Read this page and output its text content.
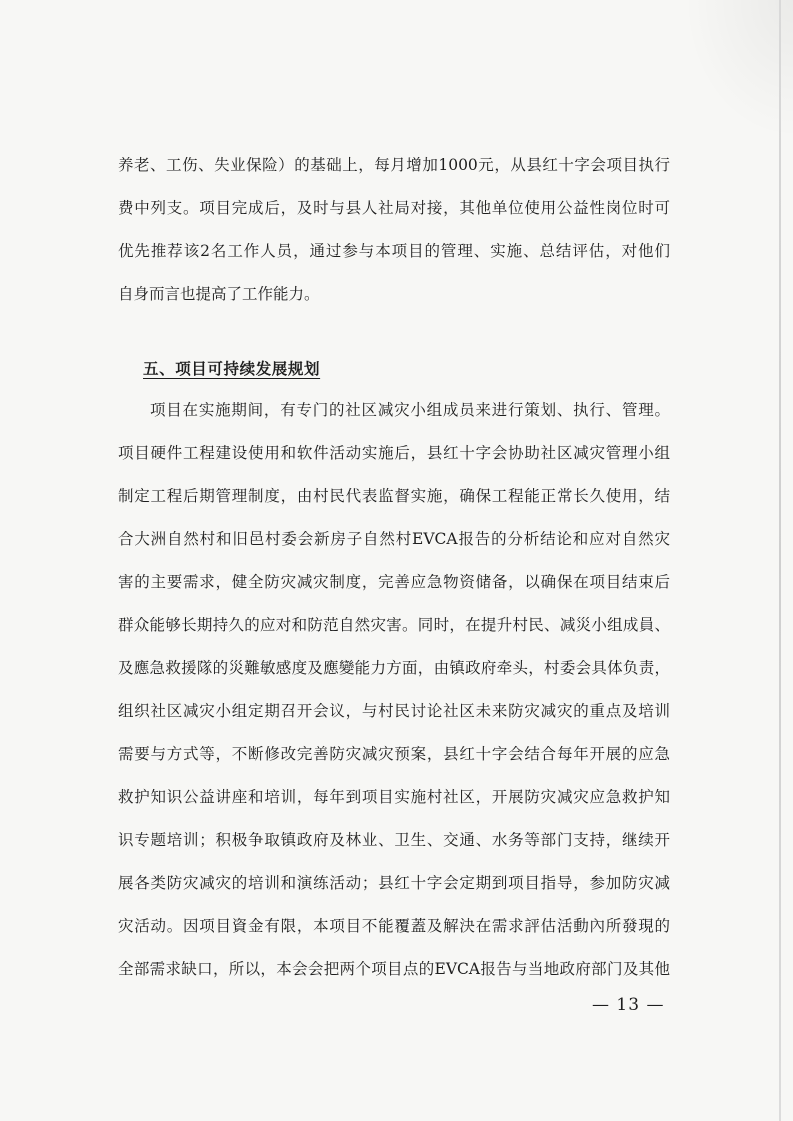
养老、工伤、失业保险）的基础上，每月增加1000元，从县红十字会项目执行
费中列支。项目完成后，及时与县人社局对接，其他单位使用公益性岗位时可
优先推荐该2名工作人员，通过参与本项目的管理、实施、总结评估，对他们
自身而言也提高了工作能力。
五、项目可持续发展规划
项目在实施期间，有专门的社区减灾小组成员来进行策划、执行、管理。
项目硬件工程建设使用和软件活动实施后，县红十字会协助社区减灾管理小组
制定工程后期管理制度，由村民代表监督实施，确保工程能正常长久使用，结
合大洲自然村和旧邑村委会新房子自然村EVCA报告的分析结论和应对自然灾
害的主要需求，健全防灾减灾制度，完善应急物资储备，以确保在项目结束后
群众能够长期持久的应对和防范自然灾害。同时，在提升村民、减災小组成員、
及應急救援隊的災難敏感度及應變能力方面，由镇政府牵头，村委会具体负责，
组织社区减灾小组定期召开会议，与村民讨论社区未来防灾减灾的重点及培训
需要与方式等，不断修改完善防灾减灾预案，县红十字会结合每年开展的应急
救护知识公益讲座和培训，每年到项目实施村社区，开展防灾减灾应急救护知
识专题培训；积极争取镇政府及林业、卫生、交通、水务等部门支持，继续开
展各类防灾减灾的培训和演练活动；县红十字会定期到项目指导，参加防灾减
灾活动。因项目資金有限，本项目不能覆蓋及解決在需求評估活動內所發現的
全部需求缺口，所以，本会会把两个项目点的EVCA报告与当地政府部门及其他
— 13 —
